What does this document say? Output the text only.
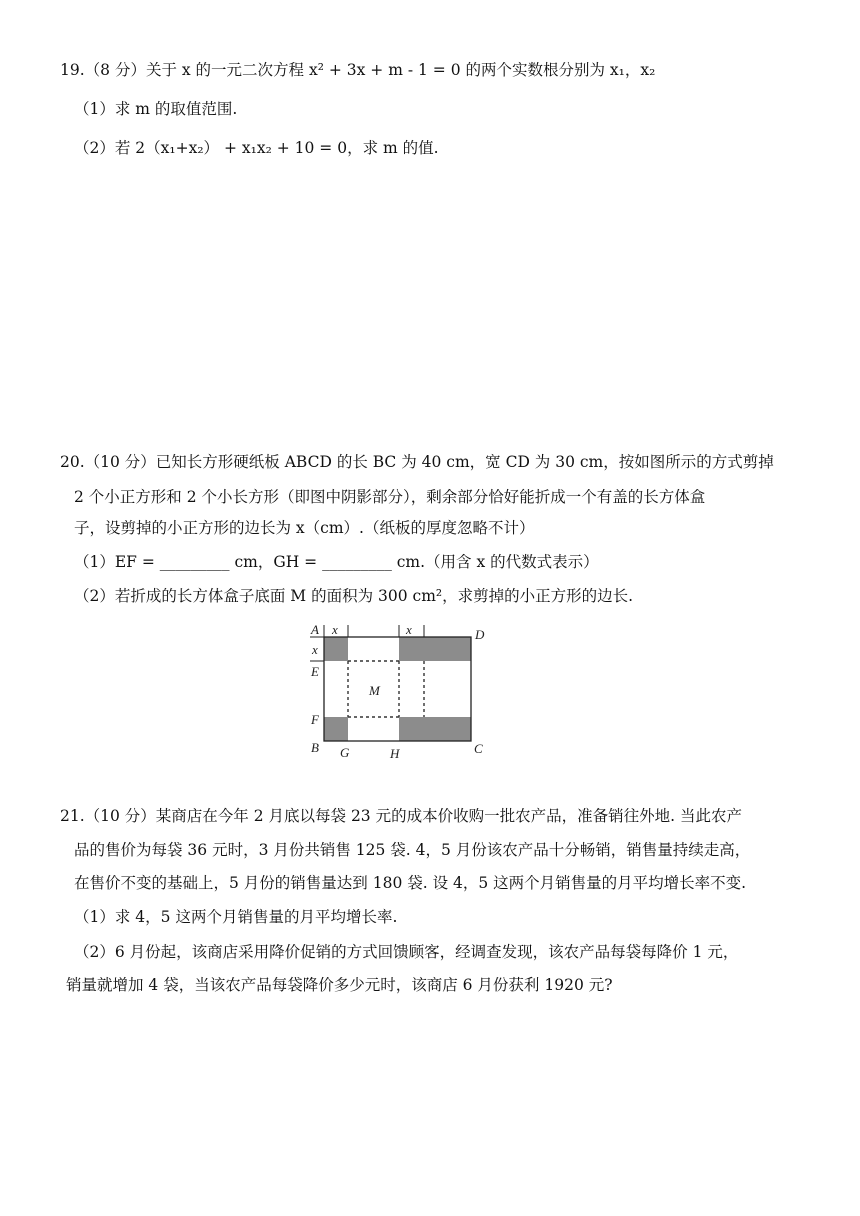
19.（8 分）关于 x 的一元二次方程 x² + 3x + m - 1 = 0 的两个实数根分别为 x₁，x₂
（1）求 m 的取值范围.
（2）若 2（x₁+x₂） + x₁x₂ + 10 = 0，求 m 的值.
20.（10 分）已知长方形硬纸板 ABCD 的长 BC 为 40 cm，宽 CD 为 30 cm，按如图所示的方式剪掉
2 个小正方形和 2 个小长方形（即图中阴影部分），剩余部分恰好能折成一个有盖的长方体盒
子，设剪掉的小正方形的边长为 x（cm）.（纸板的厚度忽略不计）
（1）EF = _________ cm，GH = _________ cm.（用含 x 的代数式表示）
（2）若折成的长方体盒子底面 M 的面积为 300 cm²，求剪掉的小正方形的边长.
A x	x	D
x
E
M
F
B G	H	C
21.（10 分）某商店在今年 2 月底以每袋 23 元的成本价收购一批农产品，准备销往外地. 当此农产
品的售价为每袋 36 元时，3 月份共销售 125 袋. 4，5 月份该农产品十分畅销，销售量持续走高，
在售价不变的基础上，5 月份的销售量达到 180 袋. 设 4，5 这两个月销售量的月平均增长率不变.
（1）求 4，5 这两个月销售量的月平均增长率.
（2）6 月份起，该商店采用降价促销的方式回馈顾客，经调查发现，该农产品每袋每降价 1 元，
销量就增加 4 袋，当该农产品每袋降价多少元时，该商店 6 月份获利 1920 元?
